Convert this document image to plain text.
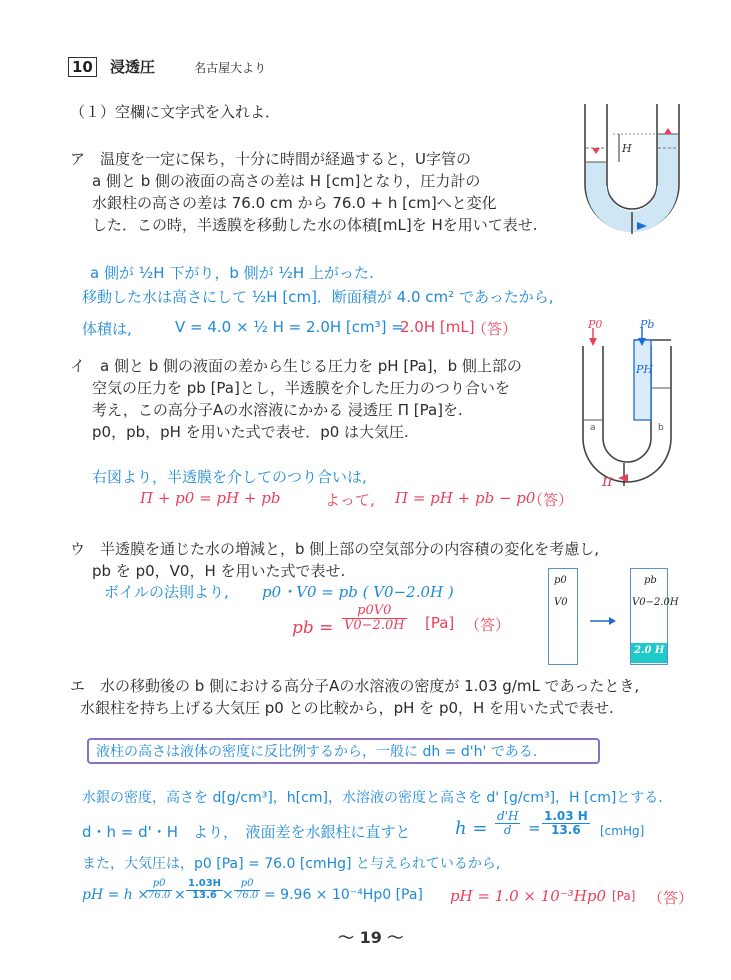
10 浸透圧	名古屋大より
（１）空欄に文字式を入れよ．
ア　温度を一定に保ち，十分に時間が経過すると，U字管の
a 側と b 側の液面の高さの差は H [cm]となり，圧力計の
水銀柱の高さの差は 76.0 cm から 76.0 + h [cm]へと変化
した．この時，半透膜を移動した水の体積[mL]を Hを用いて表せ.
a 側が ½H 下がり，b 側が ½H 上がった.
移動した水は高さにして ½H [cm]．断面積が 4.0 cm² であったから,
体積は,	V = 4.0 × ½ H = 2.0H [cm³] =
2.0H [mL]
（答）
H
イ　a 側と b 側の液面の差から生じる圧力を pH [Pa]，b 側上部の
空気の圧力を pb [Pa]とし，半透膜を介した圧力のつり合いを
考え，この高分子Aの水溶液にかかる 浸透圧 Π [Pa]を.
p0，pb，pH を用いた式で表せ．p0 は大気圧.
右図より，半透膜を介してのつり合いは,
Π + p0 = pH + pb	よって, Π = pH + pb − p0
（答）
P0	Pb
PH
a	b
π
ウ　半透膜を通じた水の増減と，b 側上部の空気部分の内容積の変化を考慮し,
pb を p0，V0，H を用いた式で表せ.
ボイルの法則より, p0・V0 = pb ( V0−2.0H )
pb = $\frac{p0V0}{V0-2.0H} [Pa]$ （答）
p0
V0
2.0 H
pb
V0−2.0H
エ　水の移動後の b 側における高分子Aの水溶液の密度が 1.03 g/mL であったとき,
水銀柱を持ち上げる大気圧 p0 との比較から，pH を p0，H を用いた式で表せ.
液柱の高さは液体の密度に反比例するから，一般に dh = d'h' である.
水銀の密度，高さを d[g/cm³]，h[cm]，水溶液の密度と高さを d' [g/cm³]，H [cm]とする.
d・h = d'・H　より，　液面差を水銀柱に直すと $h = \frac{d'H}{d} = \frac{1.03 H}{13.6}$ [cmHg]
また，大気圧は，p0 [Pa] = 76.0 [cmHg] と与えられているから,
pH = h ×
$\frac{p0}{76.0} \times \frac{1.03H}{13.6}$
× $\frac{p0}{76.0} = 9.96 \times 10^{-4}Hp0$ [Pa] pH = 1.0 × 10⁻³Hp0 [Pa] （答）
～ 19 ～
